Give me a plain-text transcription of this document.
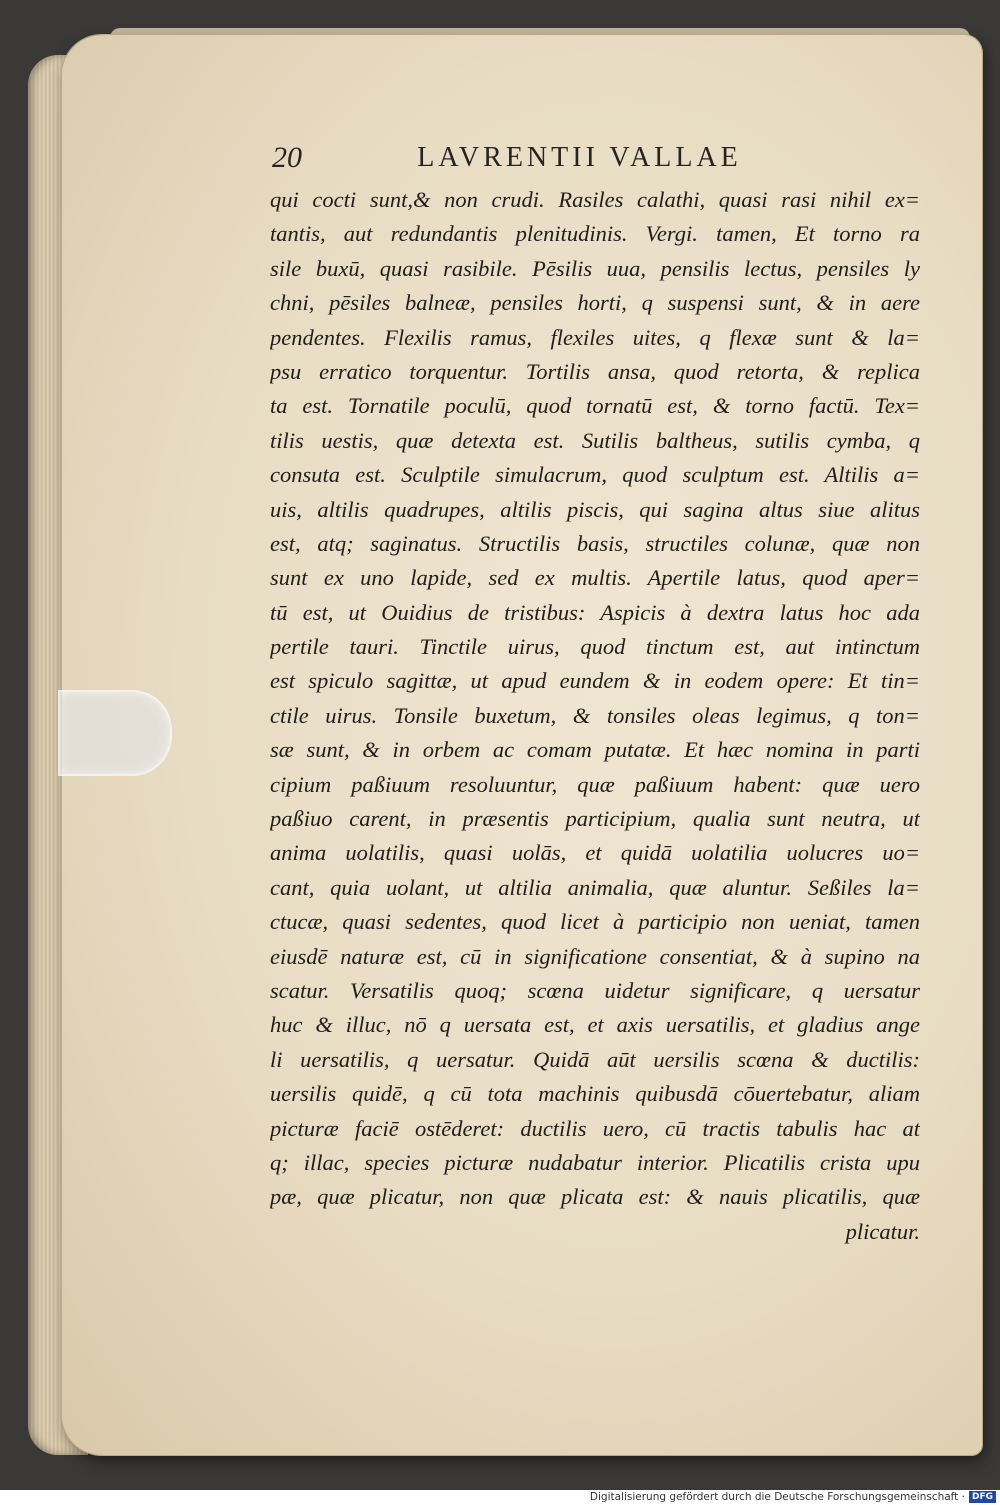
20	LAVRENTII VALLAE
qui cocti sunt,& non crudi. Rasiles calathi, quasi rasi nihil ex=
tantis, aut redundantis plenitudinis. Vergi. tamen, Et torno ra
sile buxū, quasi rasibile. Pēsilis uua, pensilis lectus, pensiles ly
chni, pēsiles balneæ, pensiles horti, q suspensi sunt, & in aere
pendentes. Flexilis ramus, flexiles uites, q flexæ sunt & la=
psu erratico torquentur. Tortilis ansa, quod retorta, & replica
ta est. Tornatile poculū, quod tornatū est, & torno factū. Tex=
tilis uestis, quæ detexta est. Sutilis baltheus, sutilis cymba, q
consuta est. Sculptile simulacrum, quod sculptum est. Altilis a=
uis, altilis quadrupes, altilis piscis, qui sagina altus siue alitus
est, atq; saginatus. Structilis basis, structiles colunæ, quæ non
sunt ex uno lapide, sed ex multis. Apertile latus, quod aper=
tū est, ut Ouidius de tristibus: Aspicis à dextra latus hoc ada
pertile tauri. Tinctile uirus, quod tinctum est, aut intinctum
est spiculo sagittæ, ut apud eundem & in eodem opere: Et tin=
ctile uirus. Tonsile buxetum, & tonsiles oleas legimus, q ton=
sæ sunt, & in orbem ac comam putatæ. Et hæc nomina in parti
cipium paßiuum resoluuntur, quæ paßiuum habent: quæ uero
paßiuo carent, in præsentis participium, qualia sunt neutra, ut
anima uolatilis, quasi uolās, et quidā uolatilia uolucres uo=
cant, quia uolant, ut altilia animalia, quæ aluntur. Seßiles la=
ctucæ, quasi sedentes, quod licet à participio non ueniat, tamen
eiusdē naturæ est, cū in significatione consentiat, & à supino na
scatur. Versatilis quoq; scœna uidetur significare, q uersatur
huc & illuc, nō q uersata est, et axis uersatilis, et gladius ange
li uersatilis, q uersatur. Quidā aūt uersilis scœna & ductilis:
uersilis quidē, q cū tota machinis quibusdā cōuertebatur, aliam
picturæ faciē ostēderet: ductilis uero, cū tractis tabulis hac at
q; illac, species picturæ nudabatur interior. Plicatilis crista upu
pæ, quæ plicatur, non quæ plicata est: & nauis plicatilis, quæ
plicatur.
Digitalisierung gefördert durch die Deutsche Forschungsgemeinschaft · DFG
